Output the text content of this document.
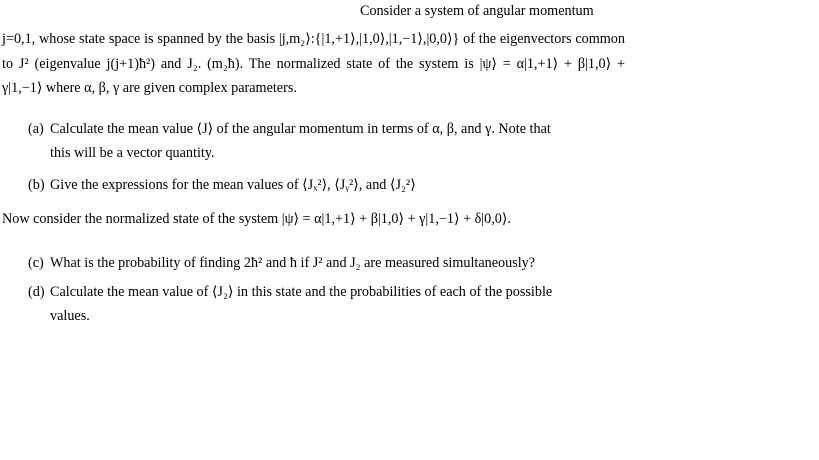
Consider a system of angular momentum
j=0,1, whose state space is spanned by the basis |j,m₂⟩:{|1,+1⟩,|1,0⟩,|1,−1⟩,|0,0⟩} of the eigenvectors common to J² (eigenvalue j(j+1)ħ²) and J₂. (m₂ħ). The normalized state of the system is |ψ⟩ = α|1,+1⟩ + β|1,0⟩ + γ|1,−1⟩ where α, β, γ are given complex parameters.
(a) Calculate the mean value ⟨J⟩ of the angular momentum in terms of α, β, and γ. Note that
this will be a vector quantity.
(b) Give the expressions for the mean values of ⟨Jₓ²⟩, ⟨Jᵧ²⟩, and ⟨J₂²⟩
Now consider the normalized state of the system |ψ⟩ = α|1,+1⟩ + β|1,0⟩ + γ|1,−1⟩ + δ|0,0⟩.
(c) What is the probability of finding 2ħ² and ħ if J² and J₂ are measured simultaneously?
(d) Calculate the mean value of ⟨J₂⟩ in this state and the probabilities of each of the possible
values.
